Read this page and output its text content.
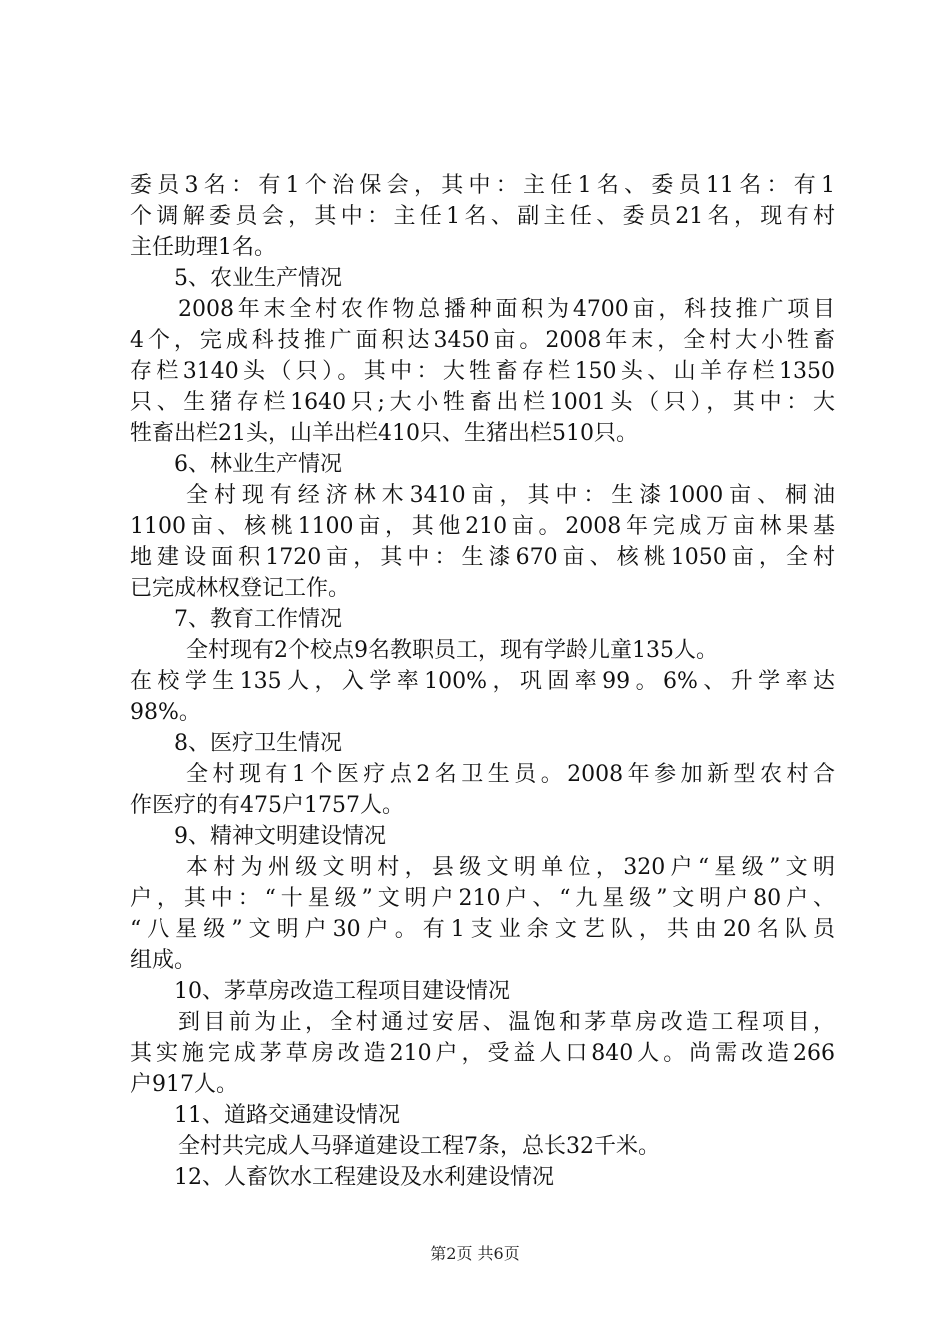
委员3名：有1个治保会，其中：主任1名、委员11名：有1
个调解委员会，其中：主任1名、副主任、委员21名，现有村
主任助理1名。
5、农业生产情况
2008年末全村农作物总播种面积为4700亩，科技推广项目
4个，完成科技推广面积达3450亩。2008年末，全村大小牲畜
存栏3140头（只）。其中：大牲畜存栏150头、山羊存栏1350
只、生猪存栏1640只;大小牲畜出栏1001头（只），其中：大
牲畜出栏21头，山羊出栏410只、生猪出栏510只。
6、林业生产情况
全村现有经济林木3410亩，其中：生漆1000亩、桐油
1100亩、核桃1100亩，其他210亩。2008年完成万亩林果基
地建设面积1720亩，其中：生漆670亩、核桃1050亩，全村
已完成林权登记工作。
7、教育工作情况
全村现有2个校点9名教职员工，现有学龄儿童135人。
在校学生135人，入学率100%，巩固率99。6%、升学率达
98%。
8、医疗卫生情况
全村现有1个医疗点2名卫生员。2008年参加新型农村合
作医疗的有475户1757人。
9、精神文明建设情况
本村为州级文明村，县级文明单位，320户“星级”文明
户，其中：“十星级”文明户210户、“九星级”文明户80户、
“八星级”文明户30户。有1支业余文艺队，共由20名队员
组成。
10、茅草房改造工程项目建设情况
到目前为止，全村通过安居、温饱和茅草房改造工程项目，
其实施完成茅草房改造210户，受益人口840人。尚需改造266
户917人。
11、道路交通建设情况
全村共完成人马驿道建设工程7条，总长32千米。
12、人畜饮水工程建设及水利建设情况
第2页 共6页
